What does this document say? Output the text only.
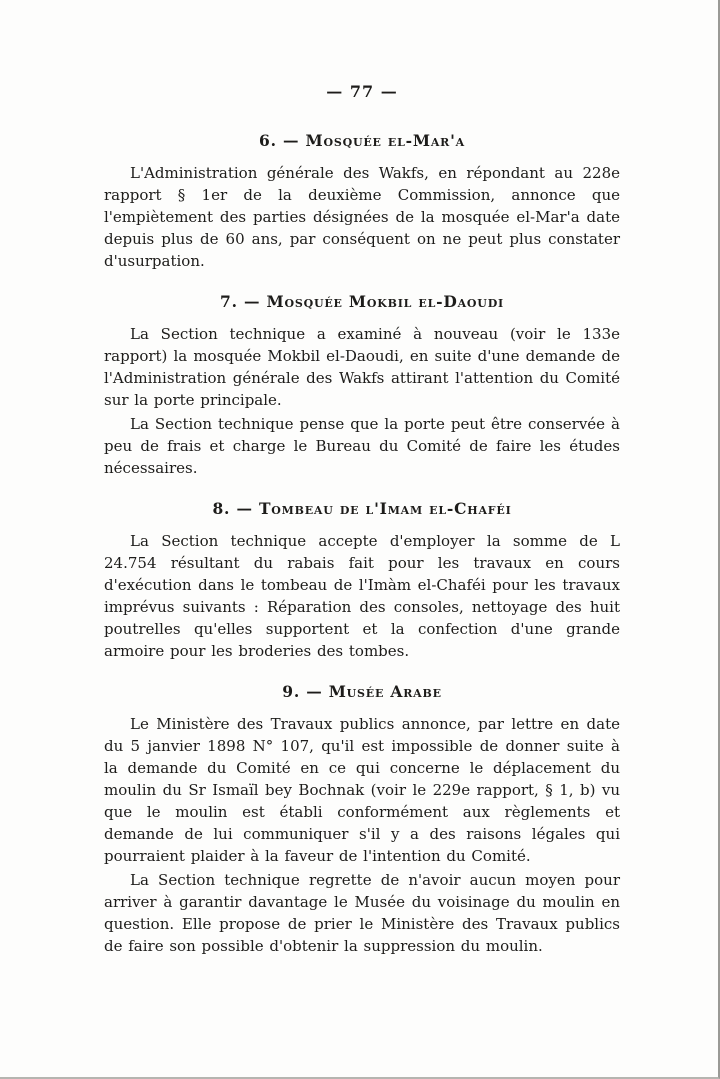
— 77 —
6. — Mosquée el-Mar'a

L'Administration générale des Wakfs, en répondant au 228e rapport § 1er de la deuxième Commission, annonce que l'empiètement des parties désignées de la mosquée el-Mar'a date depuis plus de 60 ans, par conséquent on ne peut plus constater d'usurpation.

7. — Mosquée Mokbil el-Daoudi

La Section technique a examiné à nouveau (voir le 133e rapport) la mosquée Mokbil el-Daoudi, en suite d'une demande de l'Administration générale des Wakfs attirant l'attention du Comité sur la porte principale.

La Section technique pense que la porte peut être conservée à peu de frais et charge le Bureau du Comité de faire les études nécessaires.

8. — Tombeau de l'Imam el-Chaféi

La Section technique accepte d'employer la somme de L 24.754 résultant du rabais fait pour les travaux en cours d'exécution dans le tombeau de l'Imàm el-Chaféi pour les travaux imprévus suivants : Réparation des consoles, nettoyage des huit poutrelles qu'elles supportent et la confection d'une grande armoire pour les broderies des tombes.

9. — Musée Arabe

Le Ministère des Travaux publics annonce, par lettre en date du 5 janvier 1898 N° 107, qu'il est impossible de donner suite à la demande du Comité en ce qui concerne le déplacement du moulin du Sr Ismaïl bey Bochnak (voir le 229e rapport, § 1, b) vu que le moulin est établi conformément aux règlements et demande de lui communiquer s'il y a des raisons légales qui pourraient plaider à la faveur de l'intention du Comité.

La Section technique regrette de n'avoir aucun moyen pour arriver à garantir davantage le Musée du voisinage du moulin en question. Elle propose de prier le Ministère des Travaux publics de faire son possible d'obtenir la suppression du moulin.
